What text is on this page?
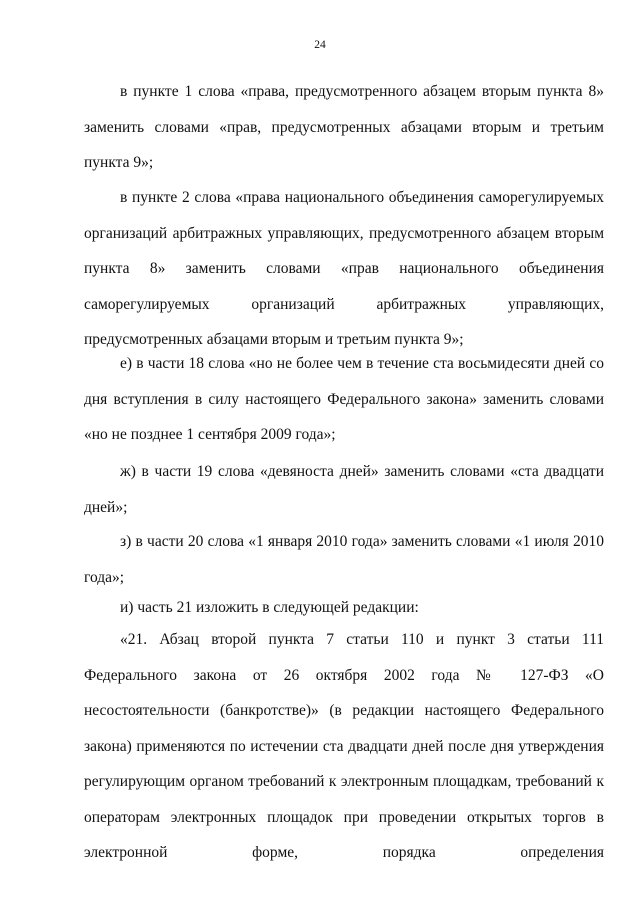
24

в пункте 1 слова «права, предусмотренного абзацем вторым пункта 8» заменить словами «прав, предусмотренных абзацами вторым и третьим пункта 9»;

в пункте 2 слова «права национального объединения саморегулируемых организаций арбитражных управляющих, предусмотренного абзацем вторым пункта 8» заменить словами «прав национального объединения саморегулируемых организаций арбитражных управляющих, предусмотренных абзацами вторым и третьим пункта 9»;

е) в части 18 слова «но не более чем в течение ста восьмидесяти дней со дня вступления в силу настоящего Федерального закона» заменить словами «но не позднее 1 сентября 2009 года»;

ж) в части 19 слова «девяноста дней» заменить словами «ста двадцати дней»;

з) в части 20 слова «1 января 2010 года» заменить словами «1 июля 2010 года»;

и) часть 21 изложить в следующей редакции:

«21. Абзац второй пункта 7 статьи 110 и пункт 3 статьи 111 Федерального закона от 26 октября 2002 года № 127-ФЗ «О несостоятельности (банкротстве)» (в редакции настоящего Федерального закона) применяются по истечении ста двадцати дней после дня утверждения регулирующим органом требований к электронным площадкам, требований к операторам электронных площадок при проведении открытых торгов в электронной форме, порядка определения
